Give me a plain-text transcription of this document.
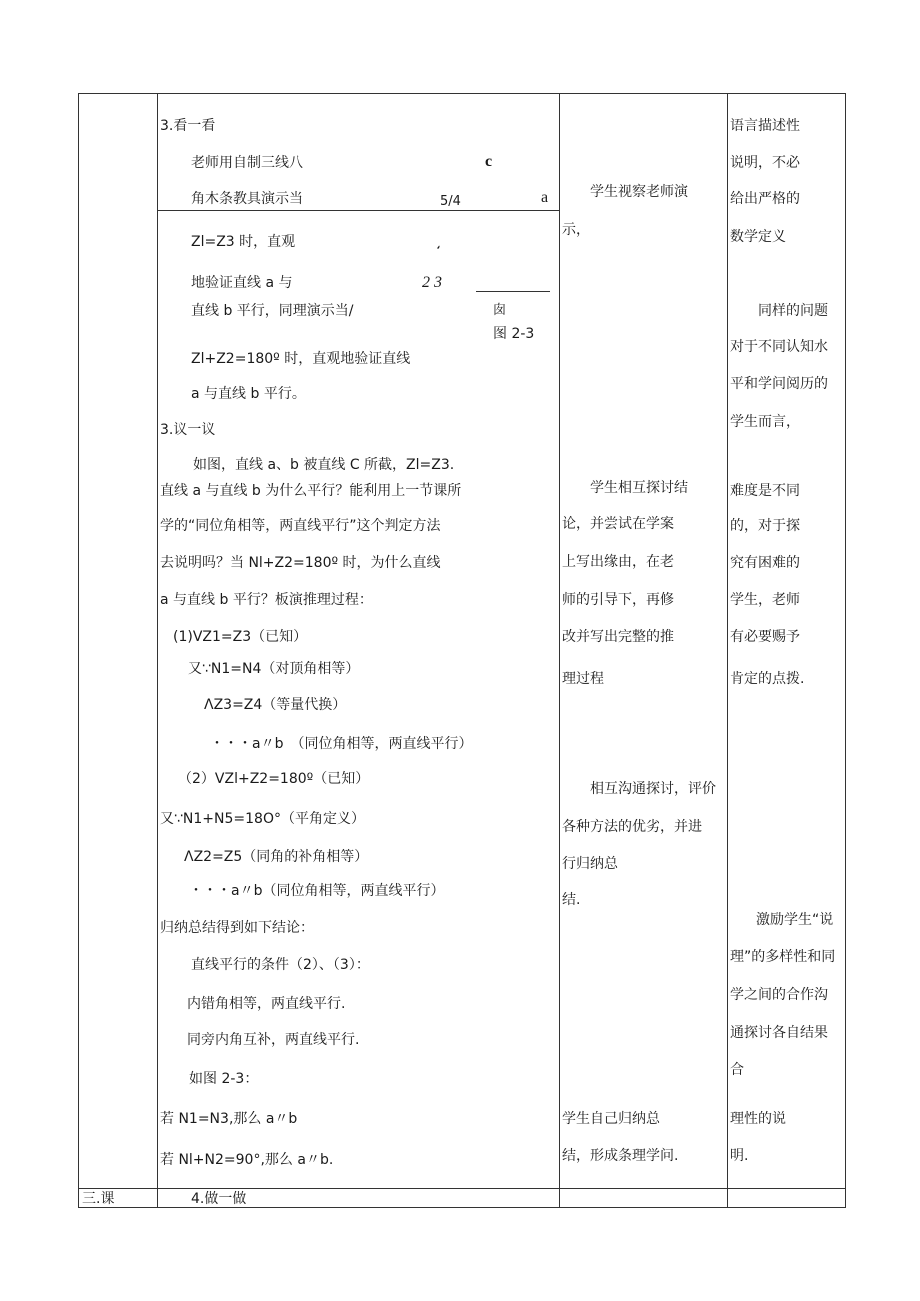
三.课
3.看一看
老师用自制三线八
角木条教具演示当
c
5/4	a
͵
2 3
囱
图 2-3
Zl=Z3 时，直观
地验证直线 a 与
直线 b 平行，同理演示当/
Zl+Z2=180º 时，直观地验证直线
a 与直线 b 平行。
3.议一议
如图，直线 a、b 被直线 C 所截，Zl=Z3.
直线 a 与直线 b 为什么平行？能利用上一节课所
学的“同位角相等，两直线平行”这个判定方法
去说明吗？当 Nl+Z2=180º 时，为什么直线
a 与直线 b 平行？板演推理过程：
(1)VZ1=Z3（已知）
又∵N1=N4（对顶角相等）
ΛZ3=Z4（等量代换）
・・・a〃b　（同位角相等，两直线平行）
（2）VZl+Z2=180º（已知）
又∵N1+N5=18O°（平角定义）
ΛZ2=Z5（同角的补角相等）
・・・a〃b（同位角相等，两直线平行）
归纳总结得到如下结论：
直线平行的条件（2）、（3）：
内错角相等，两直线平行.
同旁内角互补，两直线平行.
如图 2-3：
若 N1=N3,那么 a〃b
若 Nl+N2=90°,那么 a〃b.
4.做一做
学生视察老师演
示，
学生相互探讨结
论，并尝试在学案
上写出缘由，在老
师的引导下，再修
改并写出完整的推
理过程
相互沟通探讨，评价
各种方法的优劣，并进
行归纳总
结.
学生自己归纳总
结，形成条理学问.
语言描述性
说明，不必
给出严格的
数学定义
同样的问题
对于不同认知水
平和学问阅历的
学生而言，
难度是不同
的，对于探
究有困难的
学生，老师
有必要赐予
肯定的点拨.
激励学生“说
理”的多样性和同
学之间的合作沟
通探讨各自结果
合
理性的说
明.
